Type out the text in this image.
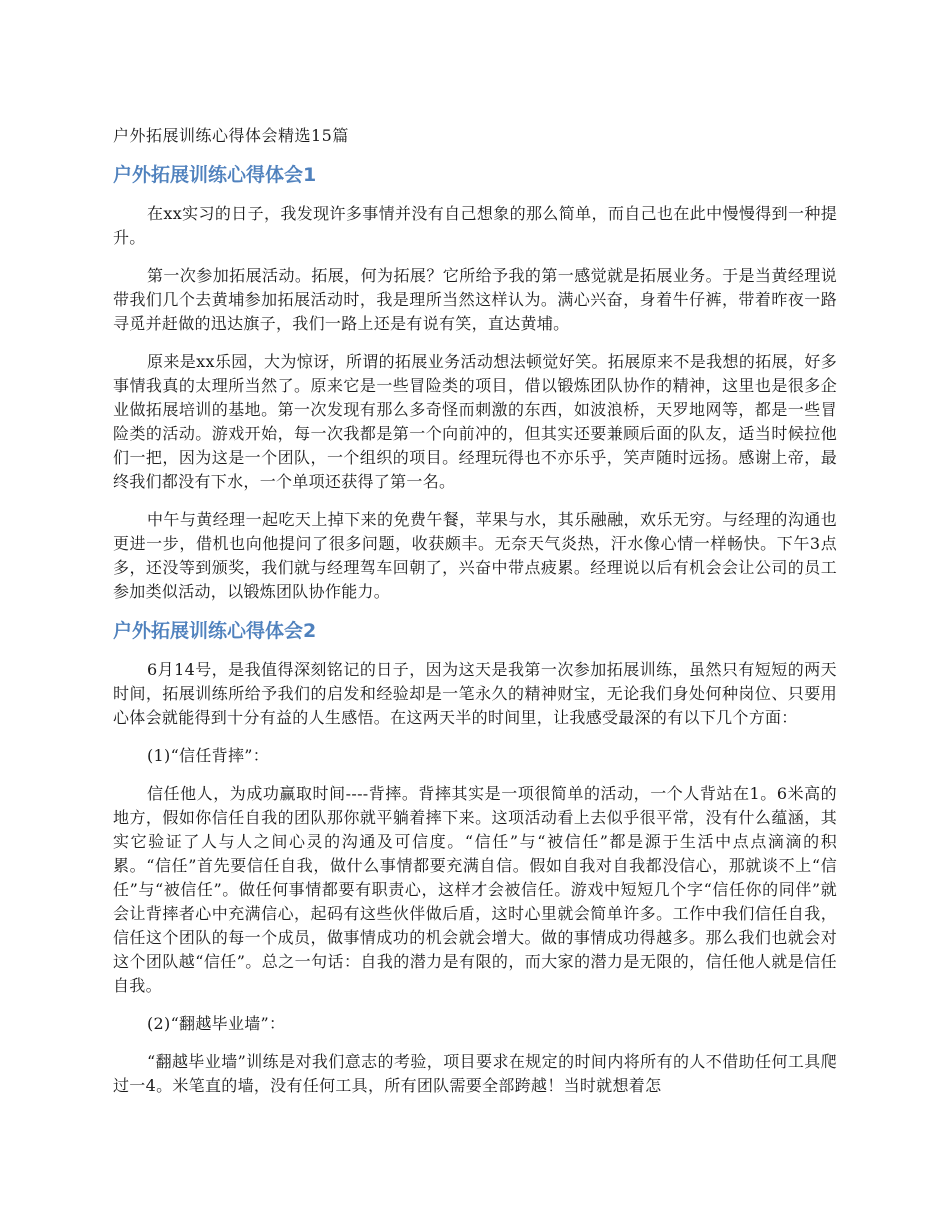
户外拓展训练心得体会精选15篇
户外拓展训练心得体会1

在xx实习的日子，我发现许多事情并没有自己想象的那么简单，而自己也在此中慢慢得到一种提升。

第一次参加拓展活动。拓展，何为拓展？它所给予我的第一感觉就是拓展业务。于是当黄经理说带我们几个去黄埔参加拓展活动时，我是理所当然这样认为。满心兴奋，身着牛仔裤，带着昨夜一路寻觅并赶做的迅达旗子，我们一路上还是有说有笑，直达黄埔。

原来是xx乐园，大为惊讶，所谓的拓展业务活动想法顿觉好笑。拓展原来不是我想的拓展，好多事情我真的太理所当然了。原来它是一些冒险类的项目，借以锻炼团队协作的精神，这里也是很多企业做拓展培训的基地。第一次发现有那么多奇怪而刺激的东西，如波浪桥，天罗地网等，都是一些冒险类的活动。游戏开始，每一次我都是第一个向前冲的，但其实还要兼顾后面的队友，适当时候拉他们一把，因为这是一个团队，一个组织的项目。经理玩得也不亦乐乎，笑声随时远扬。感谢上帝，最终我们都没有下水，一个单项还获得了第一名。

中午与黄经理一起吃天上掉下来的免费午餐，苹果与水，其乐融融，欢乐无穷。与经理的沟通也更进一步，借机也向他提问了很多问题，收获颇丰。无奈天气炎热，汗水像心情一样畅快。下午3点多，还没等到颁奖，我们就与经理驾车回朝了，兴奋中带点疲累。经理说以后有机会会让公司的员工参加类似活动，以锻炼团队协作能力。

户外拓展训练心得体会2

6月14号，是我值得深刻铭记的日子，因为这天是我第一次参加拓展训练，虽然只有短短的两天时间，拓展训练所给予我们的启发和经验却是一笔永久的精神财宝，无论我们身处何种岗位、只要用心体会就能得到十分有益的人生感悟。在这两天半的时间里，让我感受最深的有以下几个方面：

(1)“信任背摔”：

信任他人，为成功赢取时间----背摔。背摔其实是一项很简单的活动，一个人背站在1。6米高的地方，假如你信任自我的团队那你就平躺着摔下来。这项活动看上去似乎很平常，没有什么蕴涵，其实它验证了人与人之间心灵的沟通及可信度。“信任”与“被信任”都是源于生活中点点滴滴的积累。“信任”首先要信任自我，做什么事情都要充满自信。假如自我对自我都没信心，那就谈不上“信任”与“被信任”。做任何事情都要有职责心，这样才会被信任。游戏中短短几个字“信任你的同伴”就会让背摔者心中充满信心，起码有这些伙伴做后盾，这时心里就会简单许多。工作中我们信任自我，信任这个团队的每一个成员，做事情成功的机会就会增大。做的事情成功得越多。那么我们也就会对这个团队越“信任”。总之一句话：自我的潜力是有限的，而大家的潜力是无限的，信任他人就是信任自我。

(2)“翻越毕业墙”：

“翻越毕业墙”训练是对我们意志的考验，项目要求在规定的时间内将所有的人不借助任何工具爬过一4。米笔直的墙，没有任何工具，所有团队需要全部跨越！当时就想着怎
